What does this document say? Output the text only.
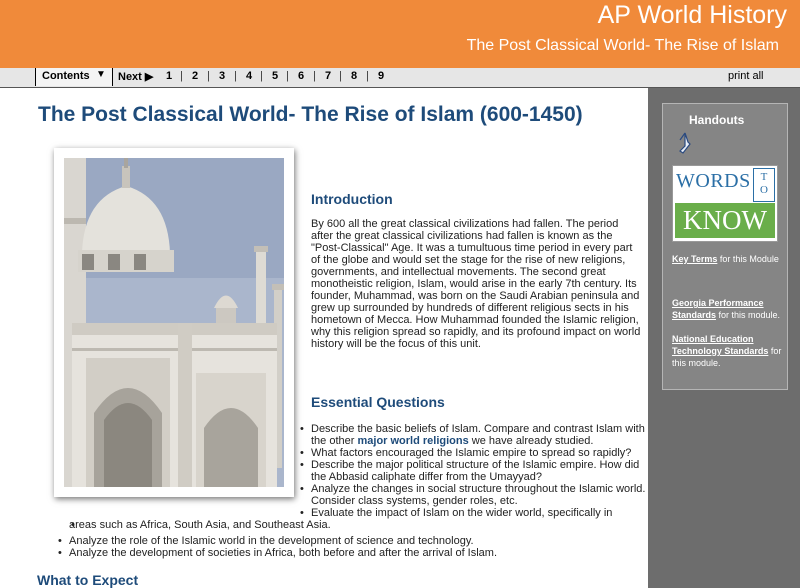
AP World History
The Post Classical World- The Rise of Islam
Contents ▼ Next ▶ 1 | 2 | 3 | 4 | 5 | 6 | 7 | 8 | 9	print all
The Post Classical World- The Rise of Islam (600-1450)
Introduction

By 600 all the great classical civilizations had fallen. The period after the great classical civilizations had fallen is known as the "Post-Classical" Age. It was a tumultuous time period in every part of the globe and would set the stage for the rise of new religions, governments, and intellectual movements. The second great monotheistic religion, Islam, would arise in the early 7th century. Its founder, Muhammad, was born on the Saudi Arabian peninsula and grew up surrounded by hundreds of different religious sects in his hometown of Mecca. How Muhammad founded the Islamic religion, why this religion spread so rapidly, and its profound impact on world history will be the focus of this unit.

Essential Questions
• Describe the basic beliefs of Islam. Compare and contrast Islam with the other major world religions we have already studied.
• What factors encouraged the Islamic empire to spread so rapidly?
• Describe the major political structure of the Islamic empire. How did the Abbasid caliphate differ from the Umayyad?
• Analyze the changes in social structure throughout the Islamic world. Consider class systems, gender roles, etc.
• Evaluate the impact of Islam on the wider world, specifically in
• areas such as Africa, South Asia, and Southeast Asia.
• Analyze the role of the Islamic world in the development of science and technology.
• Analyze the development of societies in Africa, both before and after the arrival of Islam.
What to Expect
Handouts
WORDS TO
KNOW
Key Terms for this Module
Georgia Performance Standards for this module.
National Education Technology Standards for this module.
